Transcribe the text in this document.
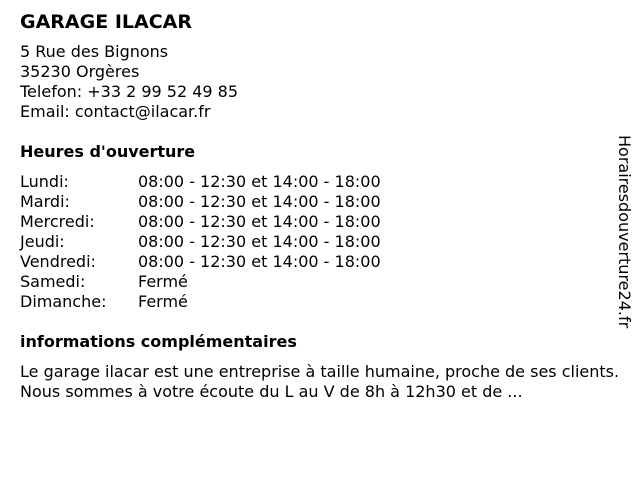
GARAGE ILACAR
5 Rue des Bignons
35230 Orgères
Telefon: +33 2 99 52 49 85
Email: contact@ilacar.fr
Heures d'ouverture
Lundi:	08:00 - 12:30 et 14:00 - 18:00
Mardi:	08:00 - 12:30 et 14:00 - 18:00
Mercredi:	08:00 - 12:30 et 14:00 - 18:00
Jeudi:	08:00 - 12:30 et 14:00 - 18:00
Vendredi:	08:00 - 12:30 et 14:00 - 18:00
Samedi:	Fermé
Dimanche:	Fermé
informations complémentaires
Le garage ilacar est une entreprise à taille humaine, proche de ses clients. Nous sommes à votre écoute du L au V de 8h à 12h30 et de ...
Horairesdouverture24.fr
